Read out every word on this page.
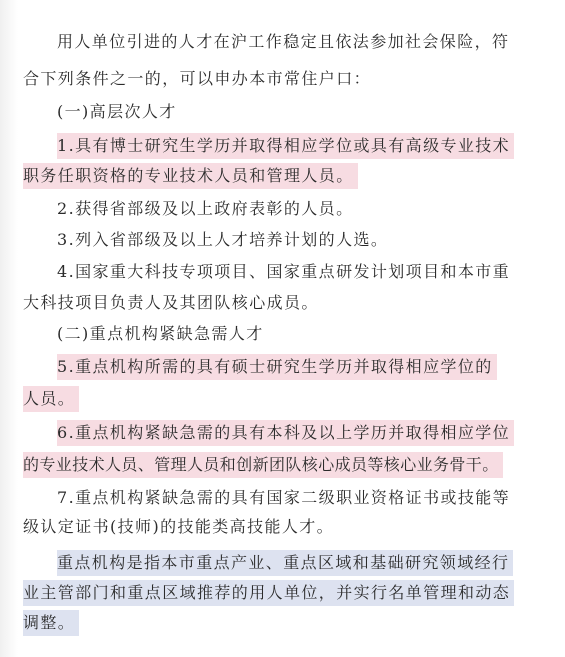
用人单位引进的人才在沪工作稳定且依法参加社会保险，符
合下列条件之一的，可以申办本市常住户口：
(一)高层次人才
1.具有博士研究生学历并取得相应学位或具有高级专业技术
职务任职资格的专业技术人员和管理人员。
2.获得省部级及以上政府表彰的人员。
3.列入省部级及以上人才培养计划的人选。
4.国家重大科技专项项目、国家重点研发计划项目和本市重
大科技项目负责人及其团队核心成员。
(二)重点机构紧缺急需人才
5.重点机构所需的具有硕士研究生学历并取得相应学位的
人员。
6.重点机构紧缺急需的具有本科及以上学历并取得相应学位
的专业技术人员、管理人员和创新团队核心成员等核心业务骨干。
7.重点机构紧缺急需的具有国家二级职业资格证书或技能等
级认定证书(技师)的技能类高技能人才。
重点机构是指本市重点产业、重点区域和基础研究领域经行
业主管部门和重点区域推荐的用人单位，并实行名单管理和动态
调整。
